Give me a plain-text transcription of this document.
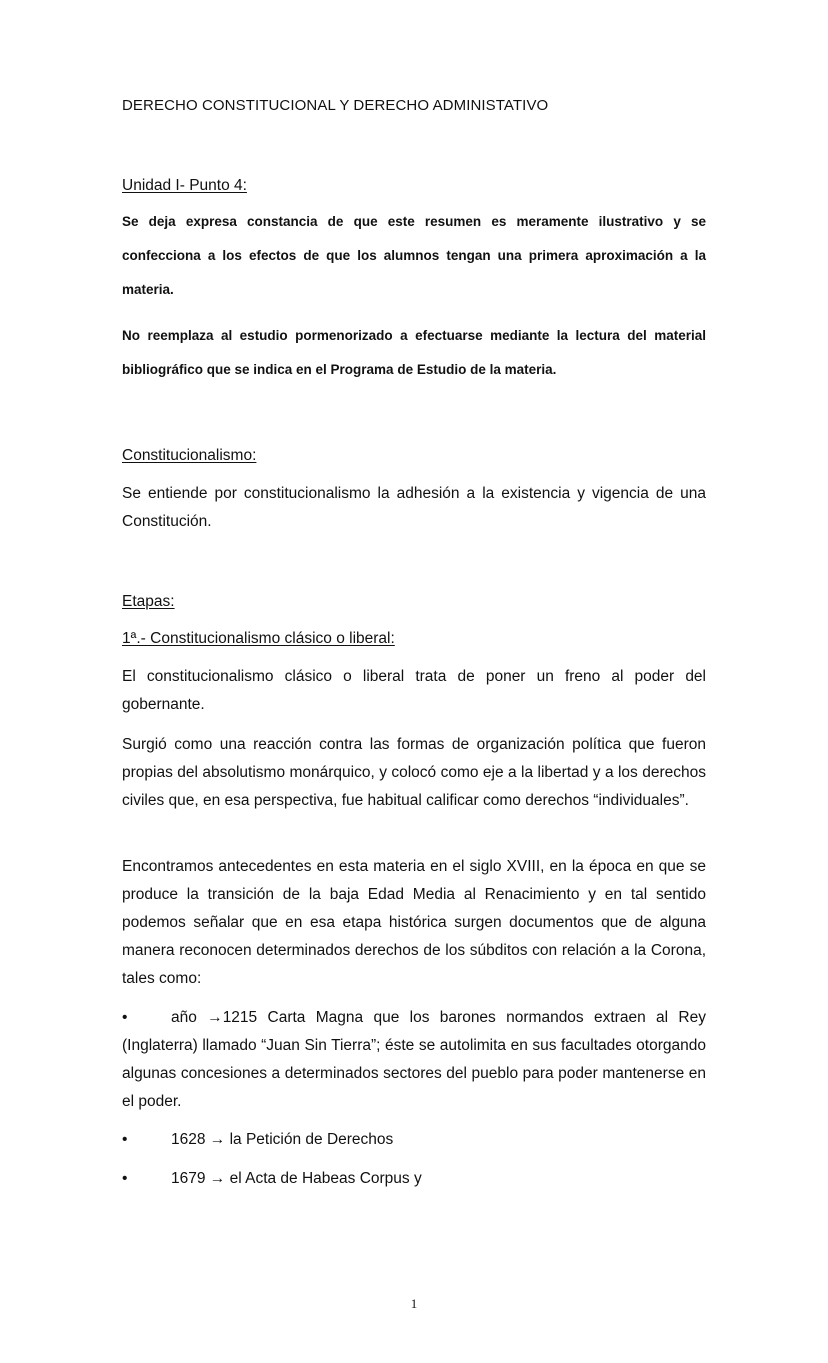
DERECHO CONSTITUCIONAL Y DERECHO ADMINISTATIVO

Unidad I- Punto 4:

Se deja expresa constancia de que este resumen es meramente ilustrativo y se confecciona a los efectos de que los alumnos tengan una primera aproximación a la materia.

No reemplaza al estudio pormenorizado a efectuarse mediante la lectura del material bibliográfico que se indica en el Programa de Estudio de la materia.

Constitucionalismo:

Se entiende por constitucionalismo la adhesión a la existencia y vigencia de una Constitución.

Etapas:

1ª.- Constitucionalismo clásico o liberal:

El constitucionalismo clásico o liberal trata de poner un freno al poder del gobernante.

Surgió como una reacción contra las formas de organización política que fueron propias del absolutismo monárquico, y colocó como eje a la libertad y a los derechos civiles que, en esa perspectiva, fue habitual calificar como derechos “individuales”.

Encontramos antecedentes en esta materia en el siglo XVIII, en la época en que se produce la transición de la baja Edad Media al Renacimiento y en tal sentido podemos señalar que en esa etapa histórica surgen documentos que de alguna manera reconocen determinados derechos de los súbditos con relación a la Corona, tales como:

•	año →1215 Carta Magna que los barones normandos extraen al Rey (Inglaterra) llamado “Juan Sin Tierra”; éste se autolimita en sus facultades otorgando algunas concesiones a determinados sectores del pueblo para poder mantenerse en el poder.

•	1628 → la Petición de Derechos
•	1679 → el Acta de Habeas Corpus y
1
